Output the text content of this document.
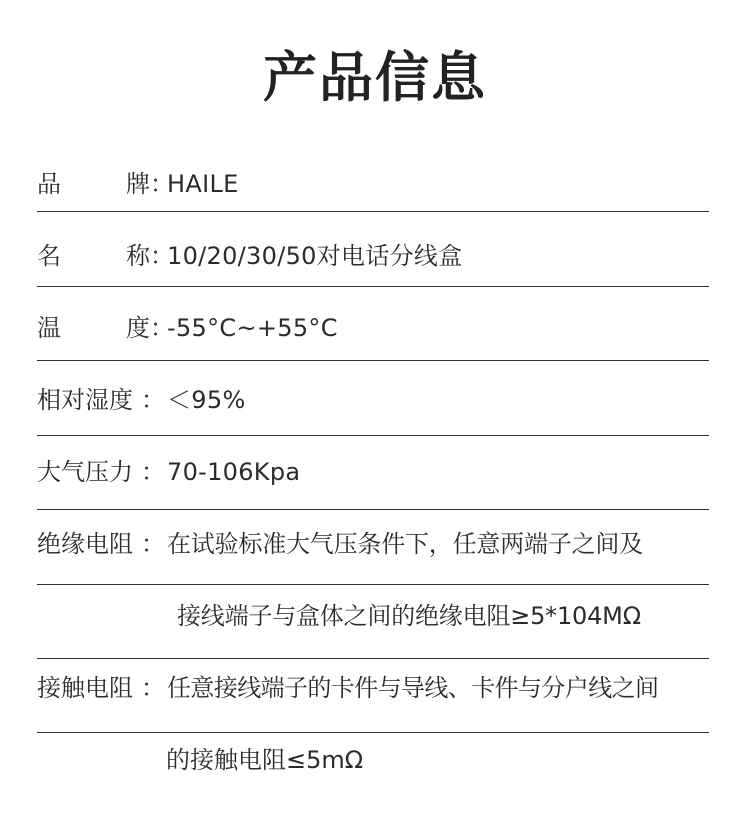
产品信息
品	牌 ：
HAILE
名	称 ：
10/20/30/50对电话分线盒
温	度 ：
-55°C~+55°C
相对湿度 ： ＜95%
大气压力 ： 70-106Kpa
绝缘电阻 ： 在试验标准大气压条件下，任意两端子之间及
接线端子与盒体之间的绝缘电阻≥5*104MΩ
接触电阻 ： 任意接线端子的卡件与导线、卡件与分户线之间
的接触电阻≤5mΩ
